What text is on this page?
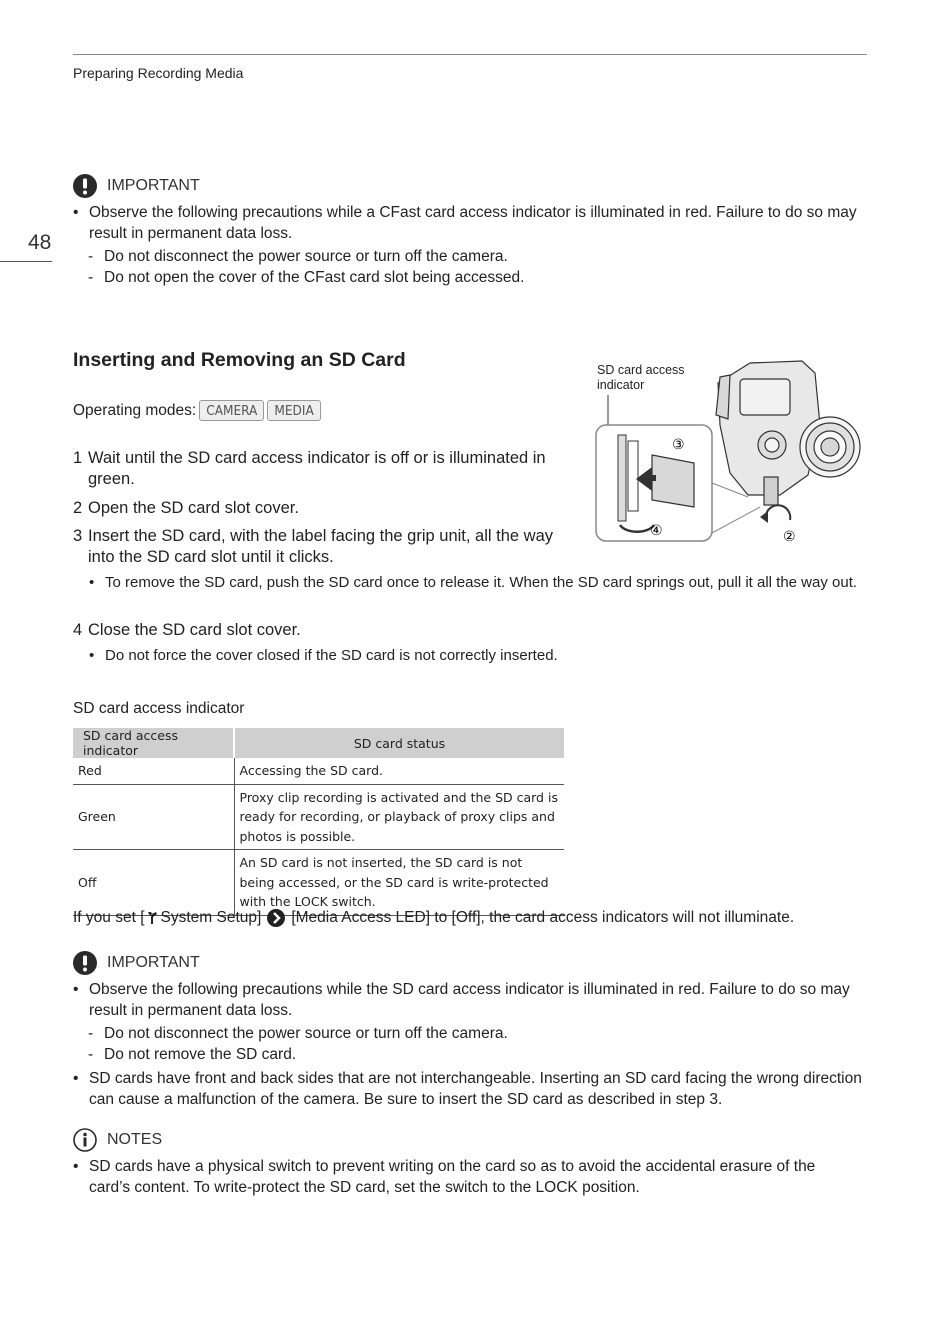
Preparing Recording Media
48
IMPORTANT
• Observe the following precautions while a CFast card access indicator is illuminated in red. Failure to do so may result in permanent data loss.
- Do not disconnect the power source or turn off the camera.
- Do not open the cover of the CFast card slot being accessed.
Inserting and Removing an SD Card
Operating modes: CAMERA	MEDIA
SD card access
indicator
③
④	②
1 Wait until the SD card access indicator is off or is illuminated in green.
2 Open the SD card slot cover.
3 Insert the SD card, with the label facing the grip unit, all the way into the SD card slot until it clicks.
• To remove the SD card, push the SD card once to release it. When the SD card springs out, pull it all the way out.
4 Close the SD card slot cover.
• Do not force the cover closed if the SD card is not correctly inserted.
SD card access indicator
SD card access indicator	SD card status
Red	Accessing the SD card.
Green	Proxy clip recording is activated and the SD card is ready for recording, or playback of proxy clips and photos is possible.
Off	An SD card is not inserted, the SD card is not being accessed, or the SD card is write-protected with the LOCK switch.
If you set [ System Setup] [Media Access LED] to [Off], the card access indicators will not illuminate.
IMPORTANT
• Observe the following precautions while the SD card access indicator is illuminated in red. Failure to do so may result in permanent data loss.
- Do not disconnect the power source or turn off the camera.
- Do not remove the SD card.
• SD cards have front and back sides that are not interchangeable. Inserting an SD card facing the wrong direction can cause a malfunction of the camera. Be sure to insert the SD card as described in step 3.
NOTES
• SD cards have a physical switch to prevent writing on the card so as to avoid the accidental erasure of the card’s content. To write-protect the SD card, set the switch to the LOCK position.
